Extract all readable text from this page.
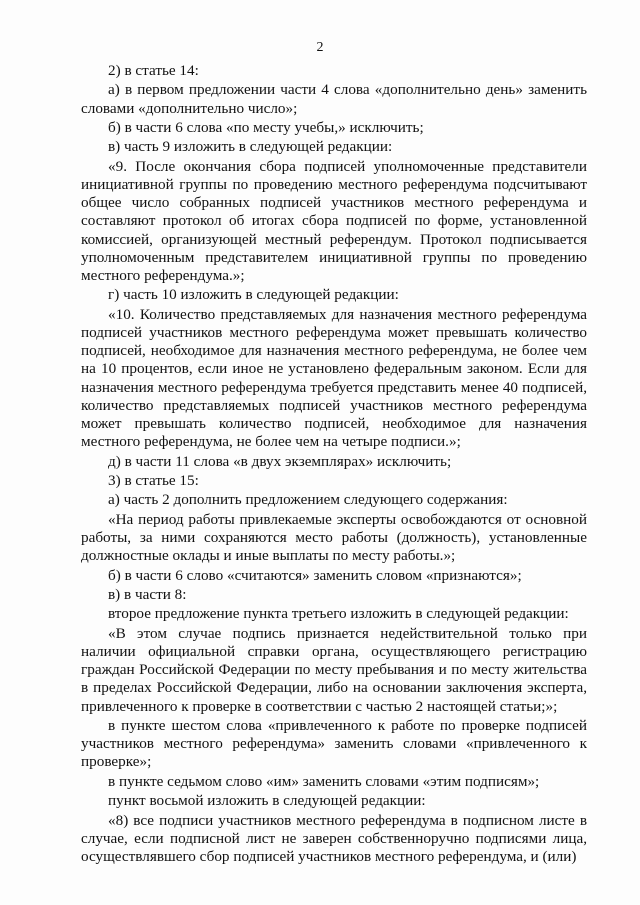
2

2) в статье 14:

а) в первом предложении части 4 слова «дополнительно день» заменить словами «дополнительно число»;

б) в части 6 слова «по месту учебы,» исключить;

в) часть 9 изложить в следующей редакции:

«9. После окончания сбора подписей уполномоченные представители инициативной группы по проведению местного референдума подсчитывают общее число собранных подписей участников местного референдума и составляют протокол об итогах сбора подписей по форме, установленной комиссией, организующей местный референдум. Протокол подписывается уполномоченным представителем инициативной группы по проведению местного референдума.»;

г) часть 10 изложить в следующей редакции:

«10. Количество представляемых для назначения местного референдума подписей участников местного референдума может превышать количество подписей, необходимое для назначения местного референдума, не более чем на 10 процентов, если иное не установлено федеральным законом. Если для назначения местного референдума требуется представить менее 40 подписей, количество представляемых подписей участников местного референдума может превышать количество подписей, необходимое для назначения местного референдума, не более чем на четыре подписи.»;

д) в части 11 слова «в двух экземплярах» исключить;

3) в статье 15:

а) часть 2 дополнить предложением следующего содержания:

«На период работы привлекаемые эксперты освобождаются от основной работы, за ними сохраняются место работы (должность), установленные должностные оклады и иные выплаты по месту работы.»;

б) в части 6 слово «считаются» заменить словом «признаются»;

в) в части 8:

второе предложение пункта третьего изложить в следующей редакции:

«В этом случае подпись признается недействительной только при наличии официальной справки органа, осуществляющего регистрацию граждан Российской Федерации по месту пребывания и по месту жительства в пределах Российской Федерации, либо на основании заключения эксперта, привлеченного к проверке в соответствии с частью 2 настоящей статьи;»;

в пункте шестом слова «привлеченного к работе по проверке подписей участников местного референдума» заменить словами «привлеченного к проверке»;

в пункте седьмом слово «им» заменить словами «этим подписям»;

пункт восьмой изложить в следующей редакции:

«8) все подписи участников местного референдума в подписном листе в случае, если подписной лист не заверен собственноручно подписями лица, осуществлявшего сбор подписей участников местного референдума, и (или)
